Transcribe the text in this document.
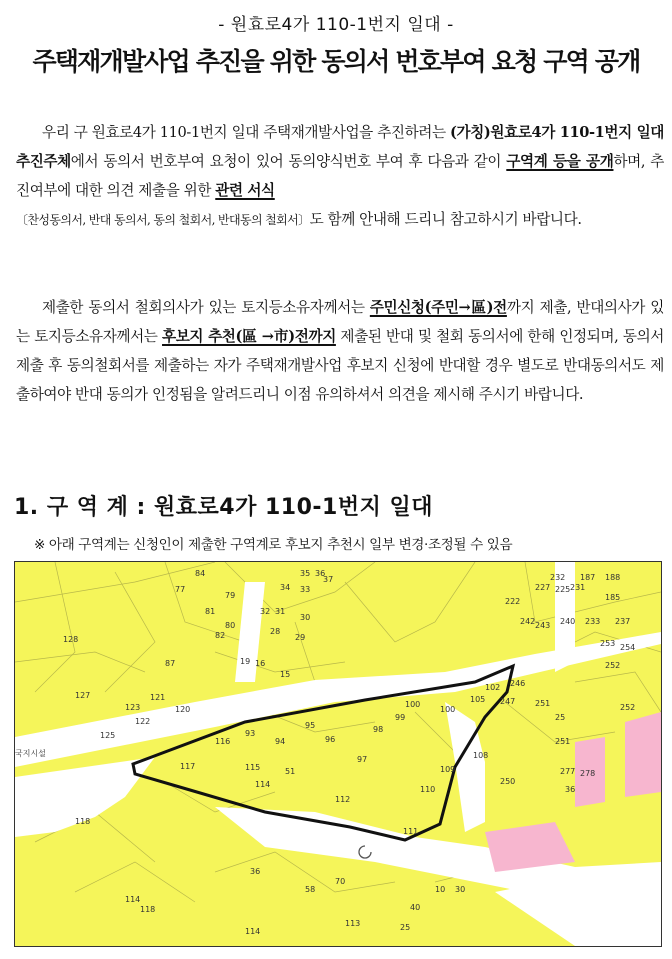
- 원효로4가 110-1번지 일대 -
주택재개발사업 추진을 위한 동의서 번호부여 요청 구역 공개
우리 구 원효로4가 110-1번지 일대 주택재개발사업을 추진하려는 (가칭)원효로4가 110-1번지 일대 추진주체에서 동의서 번호부여 요청이 있어 동의양식번호 부여 후 다음과 같이 구역계 등을 공개하며, 추진여부에 대한 의견 제출을 위한 관련 서식
〔찬성동의서, 반대 동의서, 동의 철회서, 반대동의 철회서〕도 함께 안내해 드리니 참고하시기 바랍니다.
제출한 동의서 철회의사가 있는 토지등소유자께서는 주민신청(주민→區)전까지 제출, 반대의사가 있는 토지등소유자께서는 후보지 추천(區 →市)전까지 제출된 반대 및 철회 동의서에 한해 인정되며, 동의서 제출 후 동의철회서를 제출하는 자가 주택재개발사업 후보지 신청에 반대할 경우 별도로 반대동의서도 제출하여야 반대 동의가 인정됨을 알려드리니 이점 유의하셔서 의견을 제시해 주시기 바랍니다.
1. 구 역 계 : 원효로4가 110-1번지 일대
※ 아래 구역계는 신청인이 제출한 구역계로 후보지 추천시 일부 변경·조정될 수 있음
84
77
35 36
37
34 33
81
79
32 31
30
28
29
128
80
82
87
15
16
19
127	121
123
125
120
122
116
93
94
95
96
97
98
99
100
100
105
102
247
109
108
110
111
112
114
115
117
118
51
232 187 188
227 225 231
185
222
242 243 240 233 237
253 254
252
246
251
250
25
251
277 278
36
252
36
58
70
40
10 30
114
118
114
113	25
국지시설
